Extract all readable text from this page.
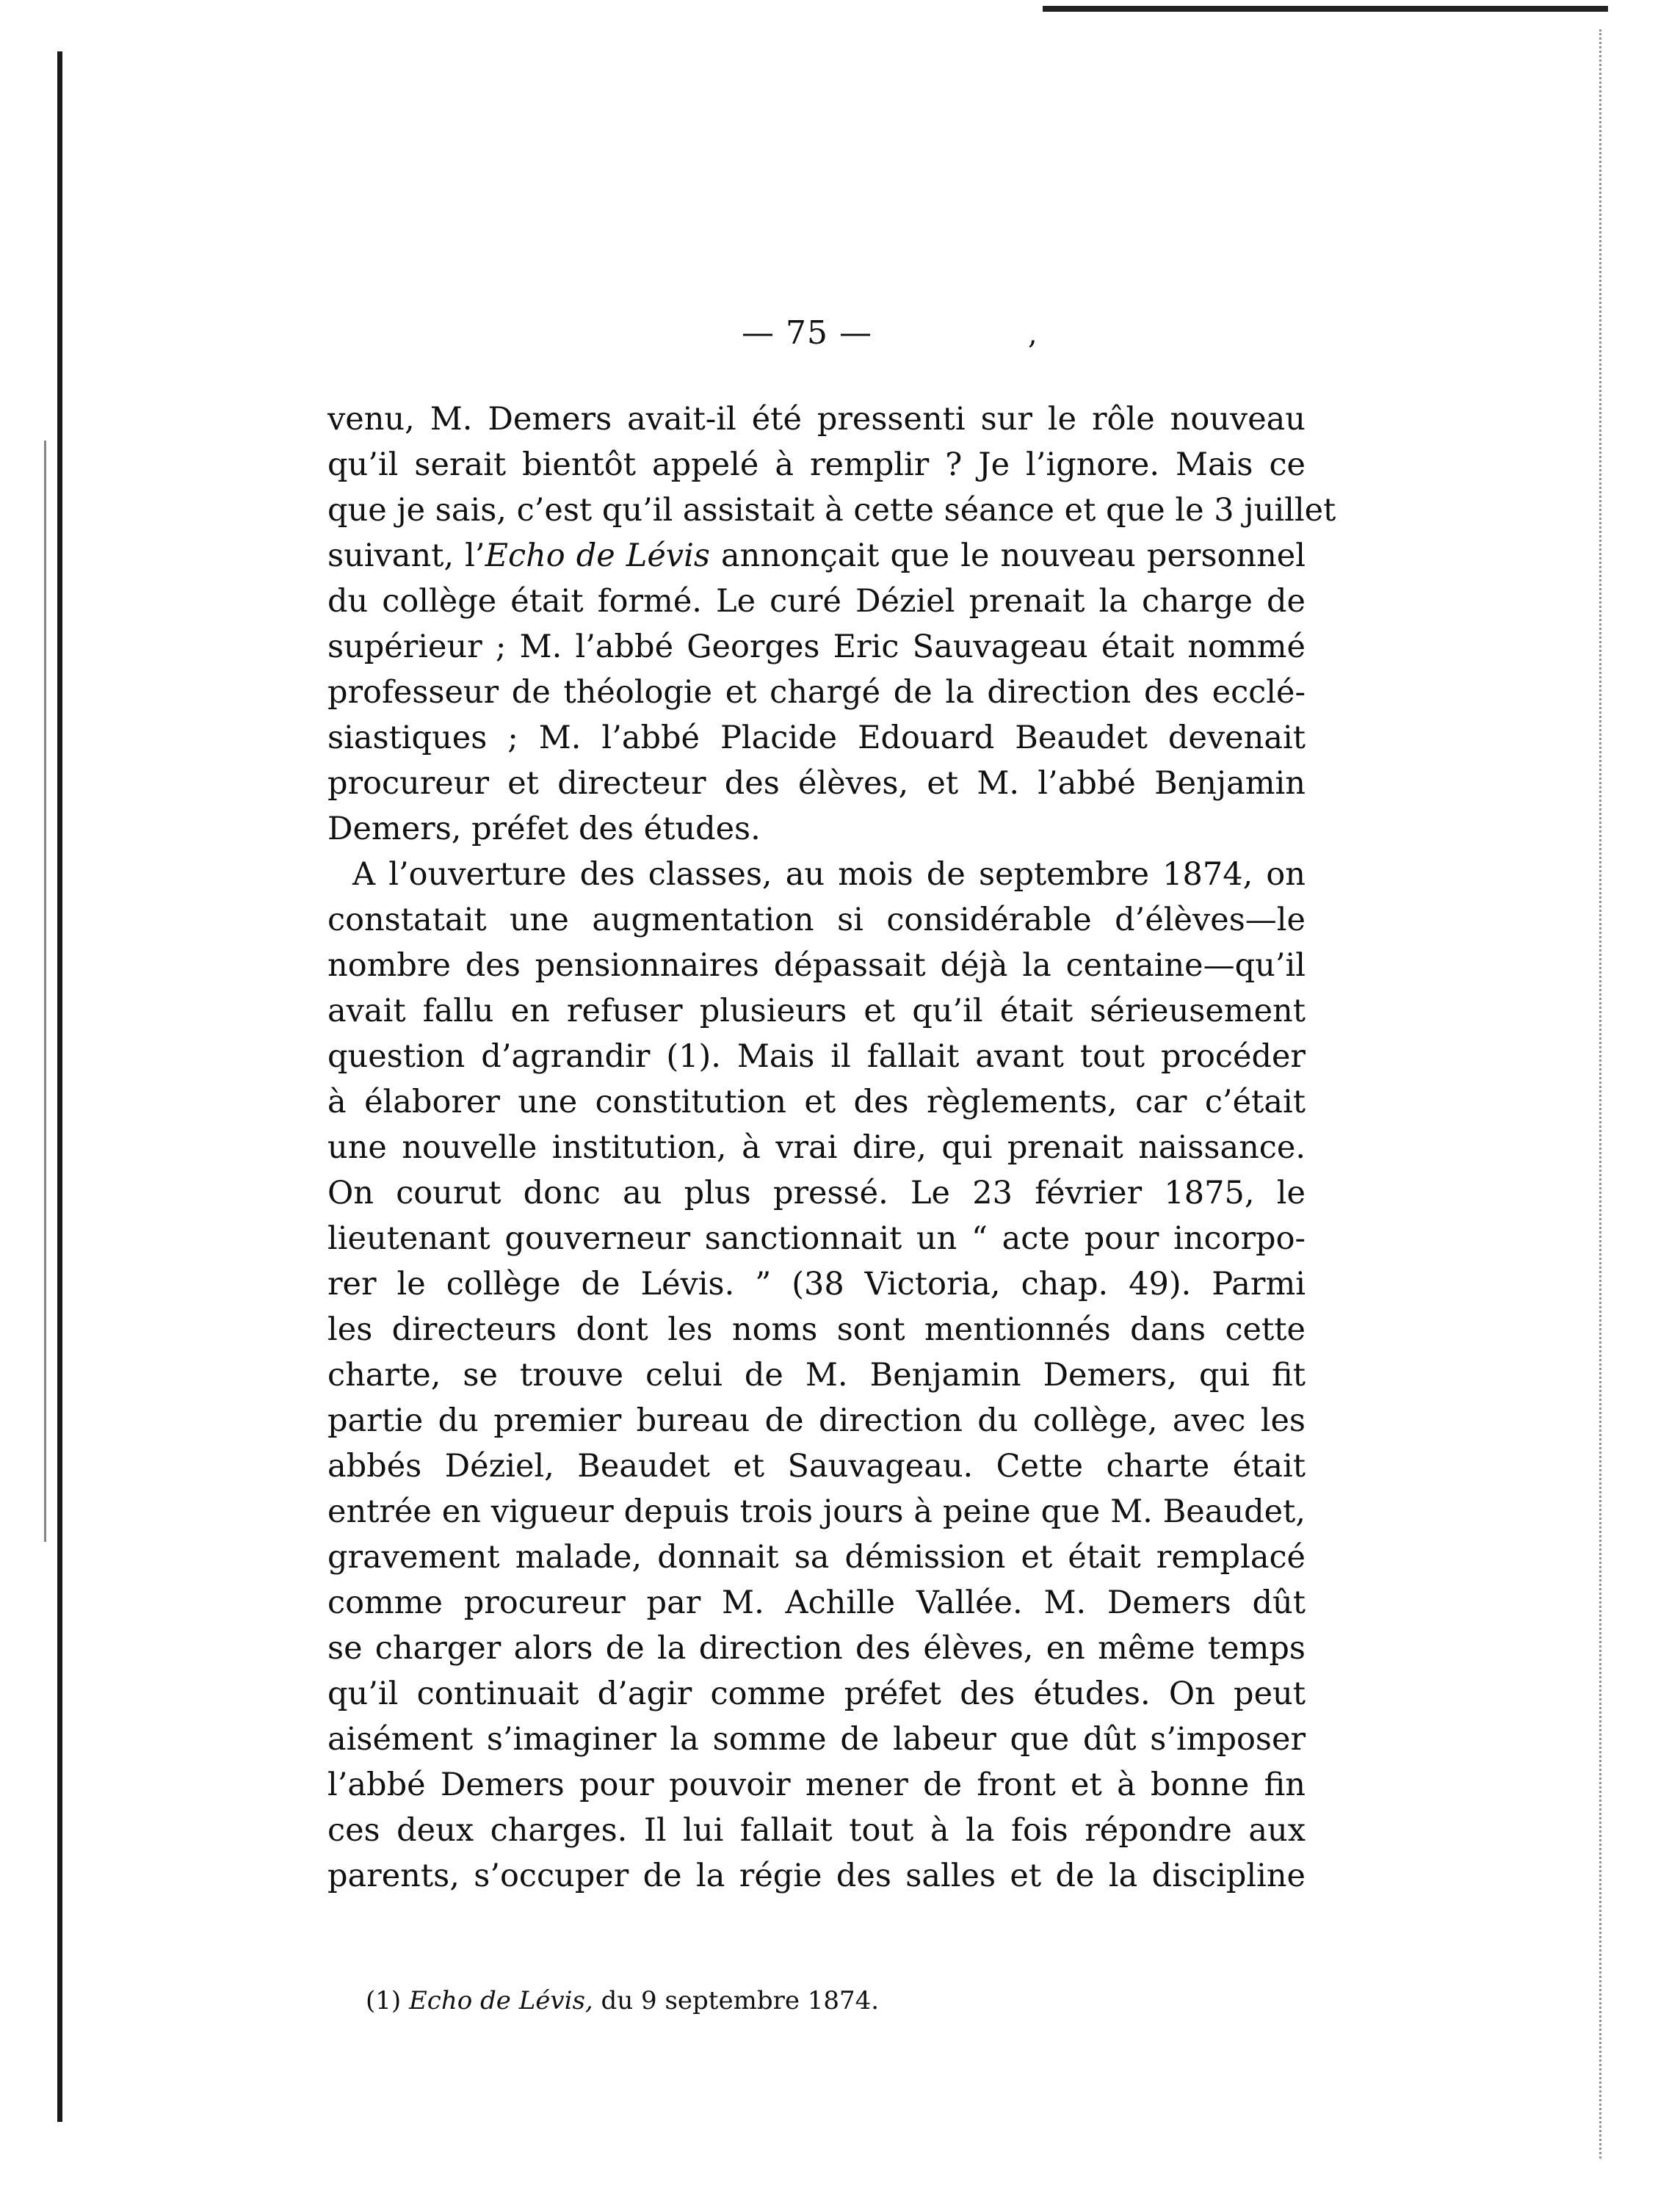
— 75 —	,
venu, M. Demers avait-il été pressenti sur le rôle nouveau
qu’il serait bientôt appelé à remplir ? Je l’ignore. Mais ce
que je sais, c’est qu’il assistait à cette séance et que le 3 juillet
suivant, l’Echo de Lévis annonçait que le nouveau personnel
du collège était formé. Le curé Déziel prenait la charge de
supérieur ; M. l’abbé Georges Eric Sauvageau était nommé
professeur de théologie et chargé de la direction des ecclé-
siastiques ; M. l’abbé Placide Edouard Beaudet devenait
procureur et directeur des élèves, et M. l’abbé Benjamin
Demers, préfet des études.
A l’ouverture des classes, au mois de septembre 1874, on
constatait une augmentation si considérable d’élèves—le
nombre des pensionnaires dépassait déjà la centaine—qu’il
avait fallu en refuser plusieurs et qu’il était sérieusement
question d’agrandir (1). Mais il fallait avant tout procéder
à élaborer une constitution et des règlements, car c’était
une nouvelle institution, à vrai dire, qui prenait naissance.
On courut donc au plus pressé. Le 23 février 1875, le
lieutenant gouverneur sanctionnait un “ acte pour incorpo-
rer le collège de Lévis. ” (38 Victoria, chap. 49). Parmi
les directeurs dont les noms sont mentionnés dans cette
charte, se trouve celui de M. Benjamin Demers, qui fit
partie du premier bureau de direction du collège, avec les
abbés Déziel, Beaudet et Sauvageau. Cette charte était
entrée en vigueur depuis trois jours à peine que M. Beaudet,
gravement malade, donnait sa démission et était remplacé
comme procureur par M. Achille Vallée. M. Demers dût
se charger alors de la direction des élèves, en même temps
qu’il continuait d’agir comme préfet des études. On peut
aisément s’imaginer la somme de labeur que dût s’imposer
l’abbé Demers pour pouvoir mener de front et à bonne fin
ces deux charges. Il lui fallait tout à la fois répondre aux
parents, s’occuper de la régie des salles et de la discipline
(1) Echo de Lévis, du 9 septembre 1874.
